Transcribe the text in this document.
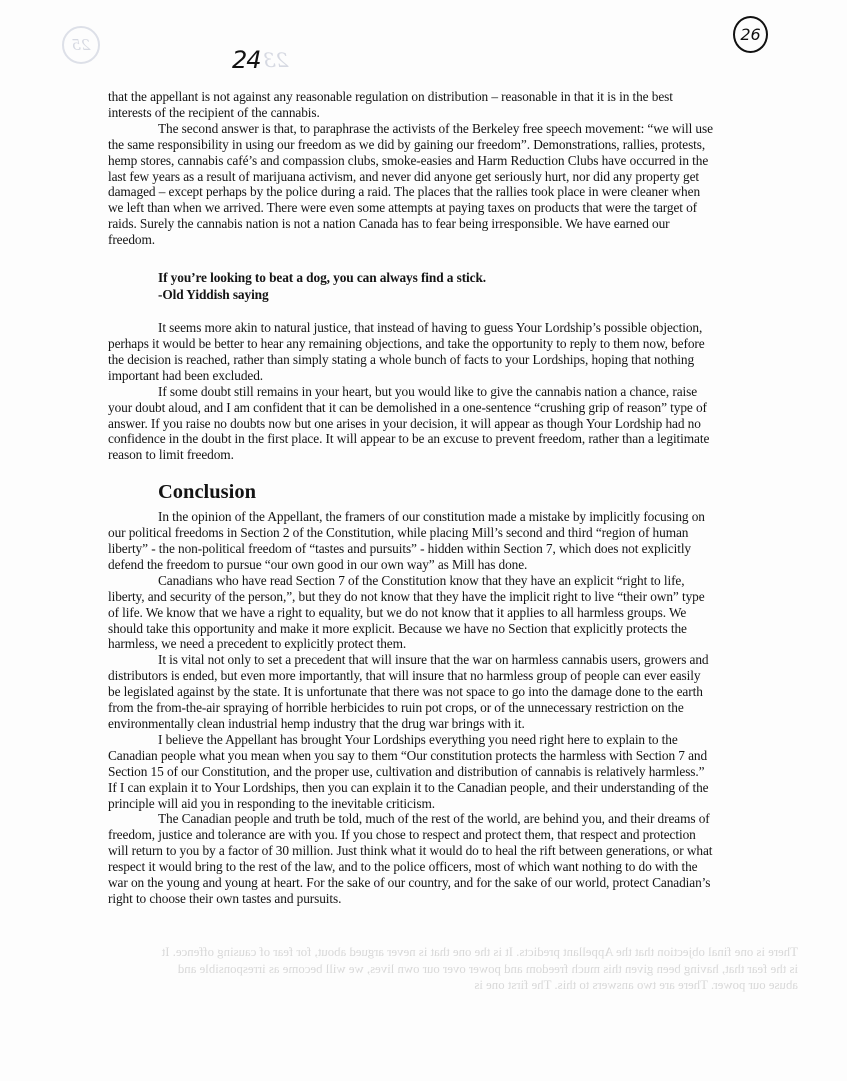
25
23
24
26

that the appellant is not against any reasonable regulation on distribution – reasonable in that it is in the best interests of the recipient of the cannabis.

The second answer is that, to paraphrase the activists of the Berkeley free speech movement: “we will use the same responsibility in using our freedom as we did by gaining our freedom”. Demonstrations, rallies, protests, hemp stores, cannabis café’s and compassion clubs, smoke-easies and Harm Reduction Clubs have occurred in the last few years as a result of marijuana activism, and never did anyone get seriously hurt, nor did any property get damaged – except perhaps by the police during a raid. The places that the rallies took place in were cleaner when we left than when we arrived. There were even some attempts at paying taxes on products that were the target of raids. Surely the cannabis nation is not a nation Canada has to fear being irresponsible. We have earned our freedom.

If you’re looking to beat a dog, you can always find a stick.
-Old Yiddish saying

It seems more akin to natural justice, that instead of having to guess Your Lordship’s possible objection, perhaps it would be better to hear any remaining objections, and take the opportunity to reply to them now, before the decision is reached, rather than simply stating a whole bunch of facts to your Lordships, hoping that nothing important had been excluded.

If some doubt still remains in your heart, but you would like to give the cannabis nation a chance, raise your doubt aloud, and I am confident that it can be demolished in a one-sentence “crushing grip of reason” type of answer. If you raise no doubts now but one arises in your decision, it will appear as though Your Lordship had no confidence in the doubt in the first place. It will appear to be an excuse to prevent freedom, rather than a legitimate reason to limit freedom.

Conclusion

In the opinion of the Appellant, the framers of our constitution made a mistake by implicitly focusing on our political freedoms in Section 2 of the Constitution, while placing Mill’s second and third “region of human liberty” - the non-political freedom of “tastes and pursuits” - hidden within Section 7, which does not explicitly defend the freedom to pursue “our own good in our own way” as Mill has done.

Canadians who have read Section 7 of the Constitution know that they have an explicit “right to life, liberty, and security of the person,”, but they do not know that they have the implicit right to live “their own” type of life. We know that we have a right to equality, but we do not know that it applies to all harmless groups. We should take this opportunity and make it more explicit. Because we have no Section that explicitly protects the harmless, we need a precedent to explicitly protect them.

It is vital not only to set a precedent that will insure that the war on harmless cannabis users, growers and distributors is ended, but even more importantly, that will insure that no harmless group of people can ever easily be legislated against by the state. It is unfortunate that there was not space to go into the damage done to the earth from the from-the-air spraying of horrible herbicides to ruin pot crops, or of the unnecessary restriction on the environmentally clean industrial hemp industry that the drug war brings with it.

I believe the Appellant has brought Your Lordships everything you need right here to explain to the Canadian people what you mean when you say to them “Our constitution protects the harmless with Section 7 and Section 15 of our Constitution, and the proper use, cultivation and distribution of cannabis is relatively harmless.” If I can explain it to Your Lordships, then you can explain it to the Canadian people, and their understanding of the principle will aid you in responding to the inevitable criticism.

The Canadian people and truth be told, much of the rest of the world, are behind you, and their dreams of freedom, justice and tolerance are with you. If you chose to respect and protect them, that respect and protection will return to you by a factor of 30 million. Just think what it would do to heal the rift between generations, or what respect it would bring to the rest of the law, and to the police officers, most of which want nothing to do with the war on the young and young at heart. For the sake of our country, and for the sake of our world, protect Canadian’s right to choose their own tastes and pursuits.

There is one final objection that the Appellant predicts. It is the one that is never argued about, for fear of causing offence. It is the fear that, having been given this much freedom and power over our own lives, we will become as irresponsible and abuse our power. There are two answers to this. The first one is
